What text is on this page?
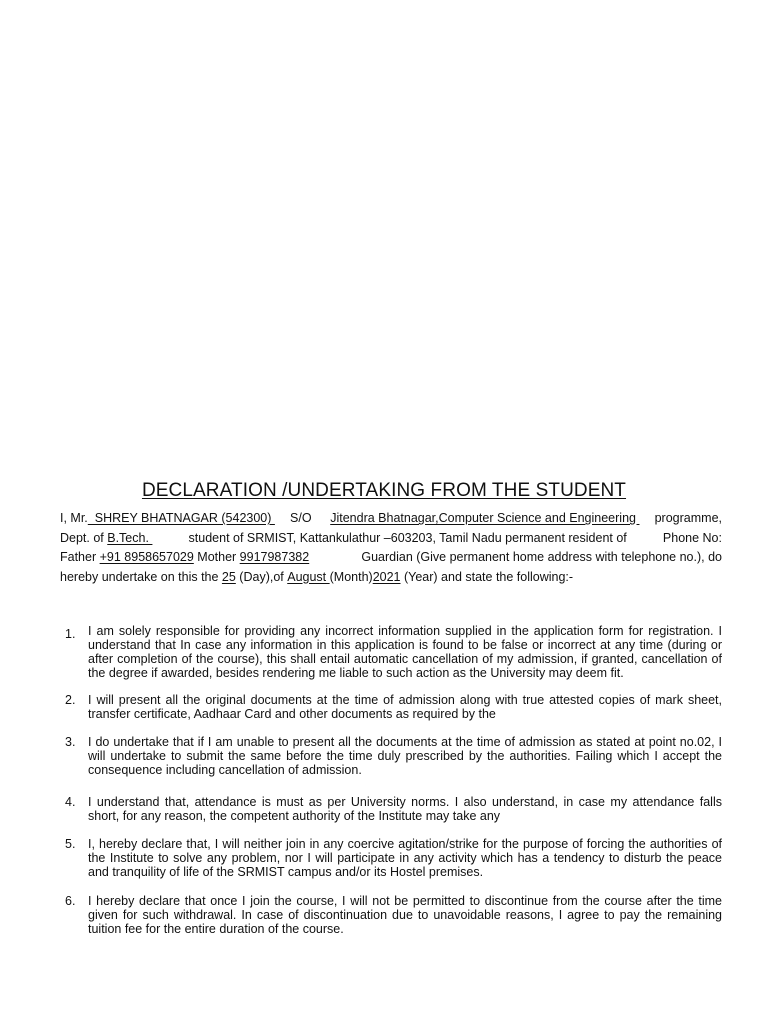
DECLARATION /UNDERTAKING FROM THE STUDENT
I, Mr.  SHREY BHATNAGAR (542300) S/O Jitendra Bhatnagar,Computer Science and Engineering programme,
Dept. of B.Tech.	student of SRMIST, Kattankulathur –603203, Tamil Nadu permanent resident of	Phone No:
Father +91 8958657029 Mother 9917987382	Guardian (Give permanent home address with telephone no.), do
hereby undertake on this the 25 (Day),of August (Month) 2021 (Year) and state the following:-
1.	I am solely responsible for providing any incorrect information supplied in the application form for registration. I understand that In case any information in this application is found to be false or incorrect at any time (during or after completion of the course), this shall entail automatic cancellation of my admission, if granted, cancellation of the degree if awarded, besides rendering me liable to such action as the University may deem fit.
2.	I will present all the original documents at the time of admission along with true attested copies of mark sheet, transfer certificate, Aadhaar Card and other documents as required by the
3.	I do undertake that if I am unable to present all the documents at the time of admission as stated at point no.02, I will undertake to submit the same before the time duly prescribed by the authorities. Failing which I accept the consequence including cancellation of admission.
4.	I understand that, attendance is must as per University norms. I also understand, in case my attendance falls short, for any reason, the competent authority of the Institute may take any
5.	I, hereby declare that, I will neither join in any coercive agitation/strike for the purpose of forcing the authorities of the Institute to solve any problem, nor I will participate in any activity which has a tendency to disturb the peace and tranquility of life of the SRMIST campus and/or its Hostel premises.
6.	I hereby declare that once I join the course, I will not be permitted to discontinue from the course after the time given for such withdrawal. In case of discontinuation due to unavoidable reasons, I agree to pay the remaining tuition fee for the entire duration of the course.
